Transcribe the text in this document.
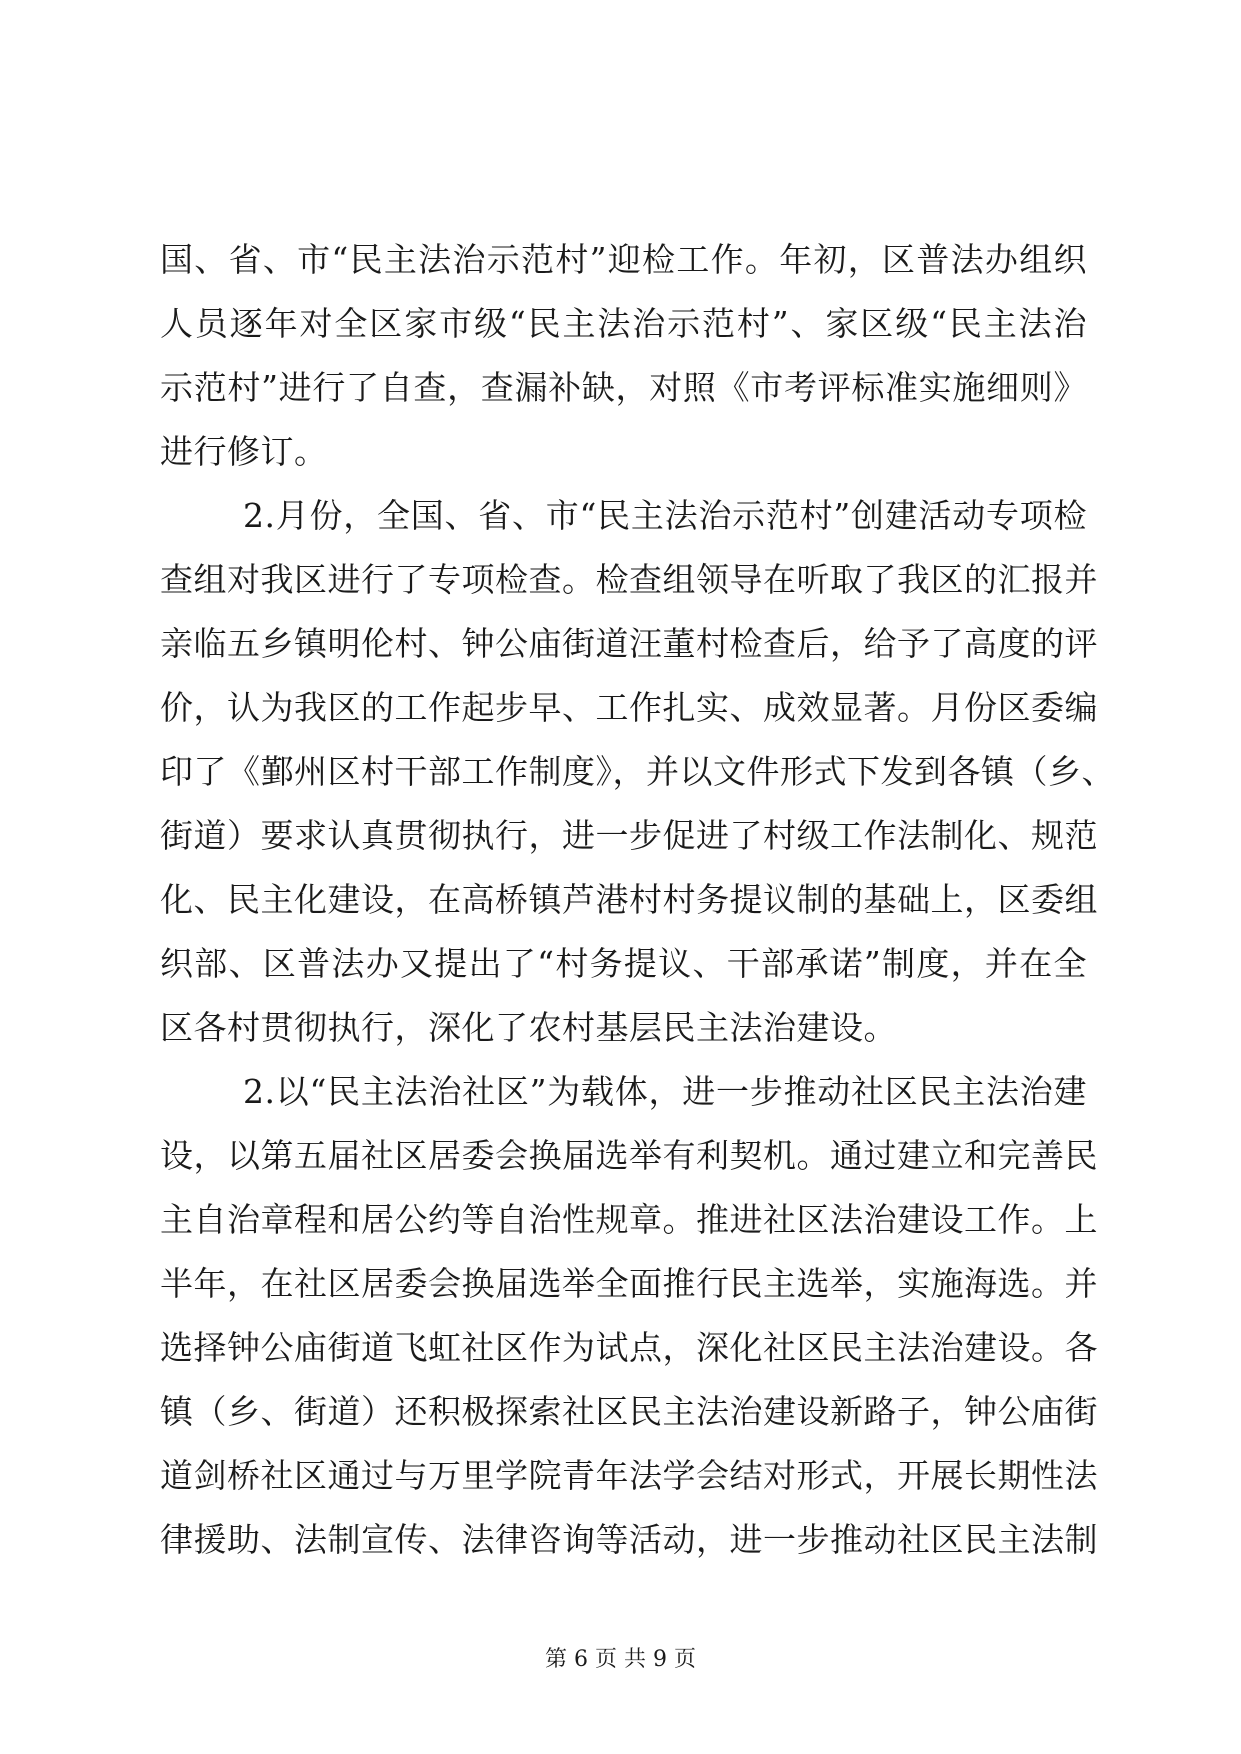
国、省、市“民主法治示范村”迎检工作。年初，区普法办组织
人员逐年对全区家市级“民主法治示范村”、家区级“民主法治
示范村”进行了自查，查漏补缺，对照《市考评标准实施细则》
进行修订。
2.月份，全国、省、市“民主法治示范村”创建活动专项检
查组对我区进行了专项检查。检查组领导在听取了我区的汇报并
亲临五乡镇明伦村、钟公庙街道汪董村检查后，给予了高度的评
价，认为我区的工作起步早、工作扎实、成效显著。月份区委编
印了《鄞州区村干部工作制度》，并以文件形式下发到各镇（乡、
街道）要求认真贯彻执行，进一步促进了村级工作法制化、规范
化、民主化建设，在高桥镇芦港村村务提议制的基础上，区委组
织部、区普法办又提出了“村务提议、干部承诺”制度，并在全
区各村贯彻执行，深化了农村基层民主法治建设。
2.以“民主法治社区”为载体，进一步推动社区民主法治建
设，以第五届社区居委会换届选举有利契机。通过建立和完善民
主自治章程和居公约等自治性规章。推进社区法治建设工作。上
半年，在社区居委会换届选举全面推行民主选举，实施海选。并
选择钟公庙街道飞虹社区作为试点，深化社区民主法治建设。各
镇（乡、街道）还积极探索社区民主法治建设新路子，钟公庙街
道剑桥社区通过与万里学院青年法学会结对形式，开展长期性法
律援助、法制宣传、法律咨询等活动，进一步推动社区民主法制
第 6 页 共 9 页
